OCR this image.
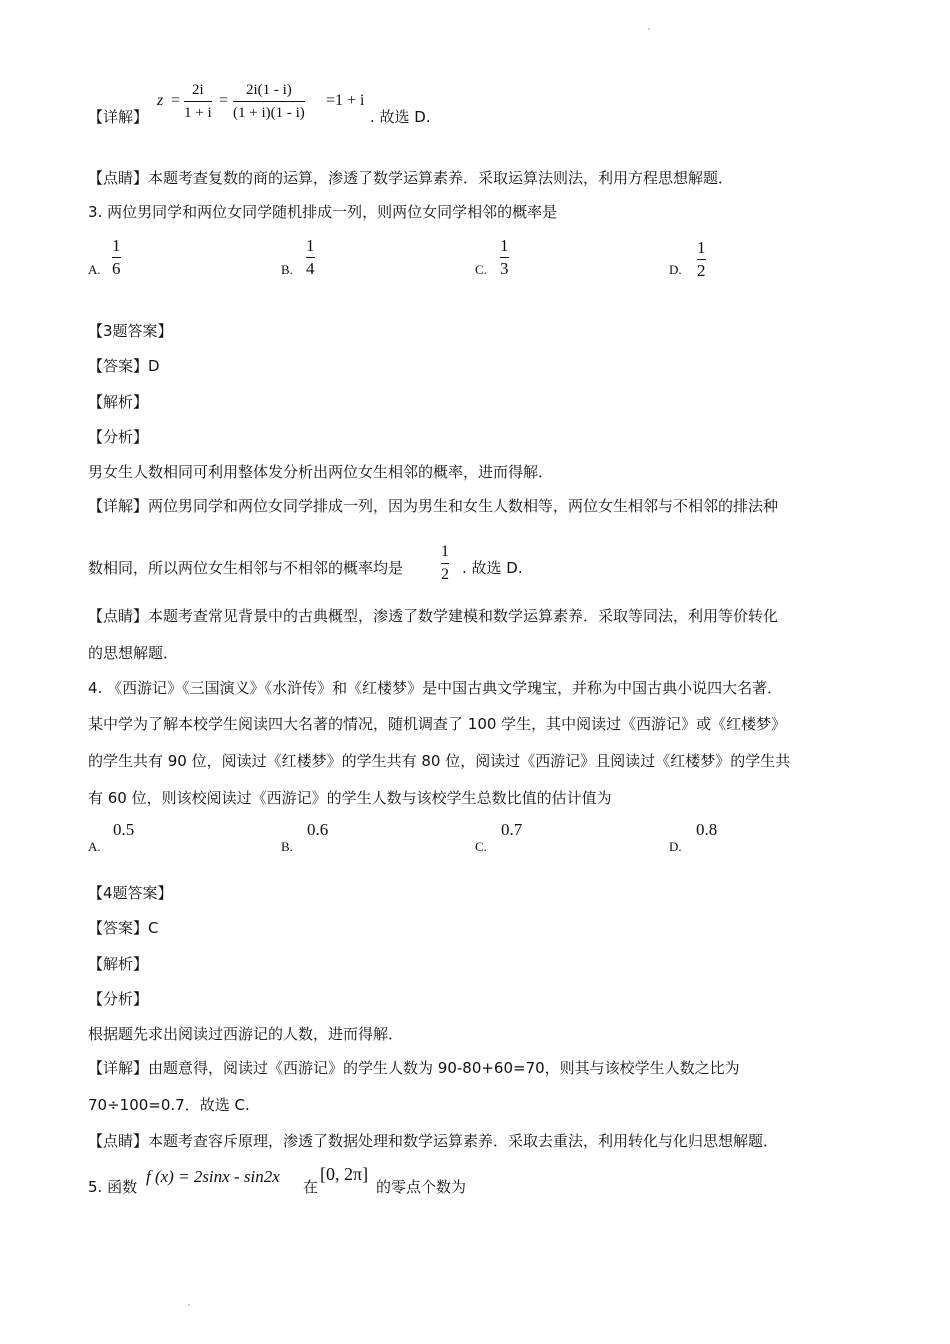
【详解】
z =
2i
1 + i
=
2i(1 - i)
(1 + i)(1 - i)
=1 + i
. 故选 D.
【点睛】本题考查复数的商的运算，渗透了数学运算素养．采取运算法则法，利用方程思想解题．
3. 两位男同学和两位女同学随机排成一列，则两位女同学相邻的概率是
A.
1
6	B.
1
4	C.
1
3	D.
1
2
【3题答案】
【答案】D
【解析】
【分析】
男女生人数相同可利用整体发分析出两位女生相邻的概率，进而得解．
【详解】两位男同学和两位女同学排成一列，因为男生和女生人数相等，两位女生相邻与不相邻的排法种
数相同，所以两位女生相邻与不相邻的概率均是
1
2 . 故选 D.
【点睛】本题考查常见背景中的古典概型，渗透了数学建模和数学运算素养．采取等同法，利用等价转化
的思想解题．
4. 《西游记》《三国演义》《水浒传》和《红楼梦》是中国古典文学瑰宝，并称为中国古典小说四大名著．
某中学为了解本校学生阅读四大名著的情况，随机调查了 100 学生，其中阅读过《西游记》或《红楼梦》
的学生共有 90 位，阅读过《红楼梦》的学生共有 80 位，阅读过《西游记》且阅读过《红楼梦》的学生共
有 60 位，则该校阅读过《西游记》的学生人数与该校学生总数比值的估计值为
A.
0.5
B.
0.6
C.
0.7
D.
0.8
【4题答案】
【答案】C
【解析】
【分析】
根据题先求出阅读过西游记的人数，进而得解．
【详解】由题意得，阅读过《西游记》的学生人数为 90-80+60=70，则其与该校学生人数之比为
70÷100=0.7．故选 C.
【点睛】本题考查容斥原理，渗透了数据处理和数学运算素养．采取去重法，利用转化与化归思想解题．
5. 函数
f (x) = 2sinx - sin2x
在
[0, 2π]
的零点个数为
